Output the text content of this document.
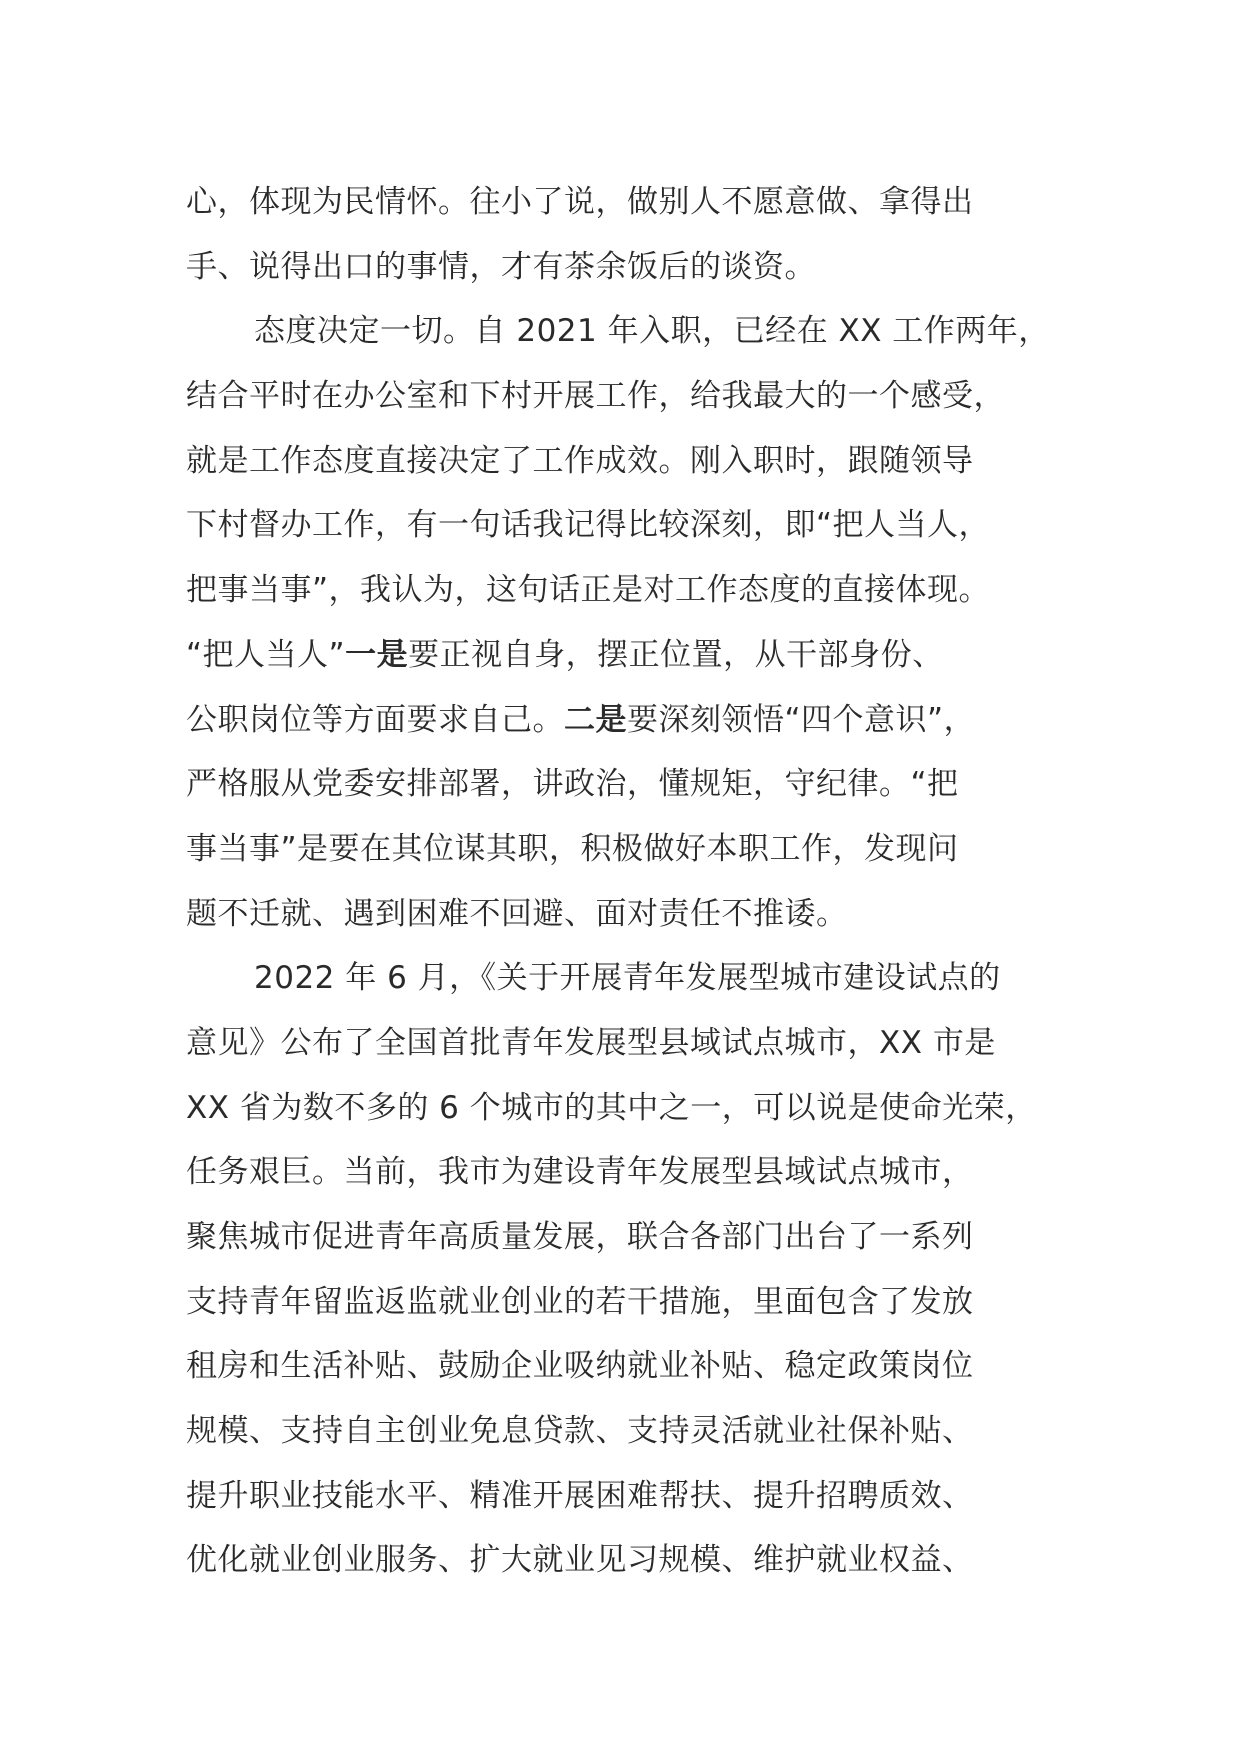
心，体现为民情怀。往小了说，做别人不愿意做、拿得出
手、说得出口的事情，才有茶余饭后的谈资。
态度决定一切。自 2021 年入职，已经在 XX 工作两年，
结合平时在办公室和下村开展工作，给我最大的一个感受，
就是工作态度直接决定了工作成效。刚入职时，跟随领导
下村督办工作，有一句话我记得比较深刻，即“把人当人，
把事当事”，我认为，这句话正是对工作态度的直接体现。
“把人当人”一是要正视自身，摆正位置，从干部身份、
公职岗位等方面要求自己。二是要深刻领悟“四个意识”，
严格服从党委安排部署，讲政治，懂规矩，守纪律。“把
事当事”是要在其位谋其职，积极做好本职工作，发现问
题不迁就、遇到困难不回避、面对责任不推诿。
2022 年 6 月，《关于开展青年发展型城市建设试点的
意见》公布了全国首批青年发展型县域试点城市，XX 市是
XX 省为数不多的 6 个城市的其中之一，可以说是使命光荣，
任务艰巨。当前，我市为建设青年发展型县域试点城市，
聚焦城市促进青年高质量发展，联合各部门出台了一系列
支持青年留监返监就业创业的若干措施，里面包含了发放
租房和生活补贴、鼓励企业吸纳就业补贴、稳定政策岗位
规模、支持自主创业免息贷款、支持灵活就业社保补贴、
提升职业技能水平、精准开展困难帮扶、提升招聘质效、
优化就业创业服务、扩大就业见习规模、维护就业权益、
